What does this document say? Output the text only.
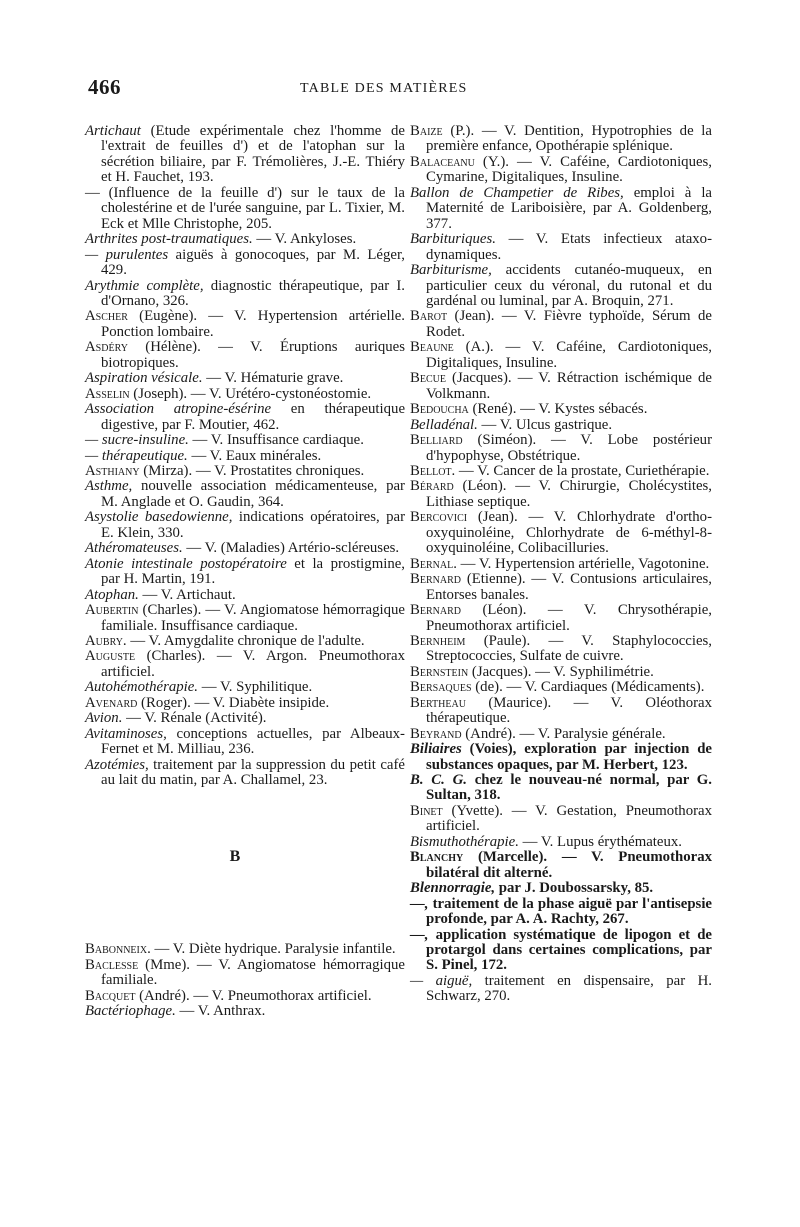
466	TABLE DES MATIÈRES

Artichaut (Etude expérimentale chez l'homme de l'extrait de feuilles d') et de l'atophan sur la sécrétion biliaire, par F. Trémolières, J.-E. Thiéry et H. Fauchet, 193.

— (Influence de la feuille d') sur le taux de la cholestérine et de l'urée sanguine, par L. Tixier, M. Eck et Mlle Christophe, 205.

Arthrites post-traumatiques. — V. Ankyloses.

— purulentes aiguës à gonocoques, par M. Léger, 429.

Arythmie complète, diagnostic thérapeutique, par I. d'Ornano, 326.

Ascher (Eugène). — V. Hypertension artérielle. Ponction lombaire.

Asdéry (Hélène). — V. Éruptions auriques biotropiques.

Aspiration vésicale. — V. Hématurie grave.

Asselin (Joseph). — V. Urétéro-cystonéostomie.

Association atropine-ésérine en thérapeutique digestive, par F. Moutier, 462.

— sucre-insuline. — V. Insuffisance cardiaque.

— thérapeutique. — V. Eaux minérales.

Asthiany (Mirza). — V. Prostatites chroniques.

Asthme, nouvelle association médicamenteuse, par M. Anglade et O. Gaudin, 364.

Asystolie basedowienne, indications opératoires, par E. Klein, 330.

Athéromateuses. — V. (Maladies) Artério-scléreuses.

Atonie intestinale postopératoire et la prostigmine, par H. Martin, 191.

Atophan. — V. Artichaut.

Aubertin (Charles). — V. Angiomatose hémorragique familiale. Insuffisance cardiaque.

Aubry. — V. Amygdalite chronique de l'adulte.

Auguste (Charles). — V. Argon. Pneumothorax artificiel.

Autohémothérapie. — V. Syphilitique.

Avenard (Roger). — V. Diabète insipide.

Avion. — V. Rénale (Activité).

Avitaminoses, conceptions actuelles, par Albeaux-Fernet et M. Milliau, 236.

Azotémies, traitement par la suppression du petit café au lait du matin, par A. Challamel, 23.

B

Babonneix. — V. Diète hydrique. Paralysie infantile.

Baclesse (Mme). — V. Angiomatose hémorragique familiale.

Bacquet (André). — V. Pneumothorax artificiel.

Bactériophage. — V. Anthrax.

Baize (P.). — V. Dentition, Hypotrophies de la première enfance, Opothérapie splénique.

Balaceanu (Y.). — V. Caféine, Cardiotoniques, Cymarine, Digitaliques, Insuline.

Ballon de Champetier de Ribes, emploi à la Maternité de Lariboisière, par A. Goldenberg, 377.

Barbituriques. — V. Etats infectieux ataxo-dynamiques.

Barbiturisme, accidents cutanéo-muqueux, en particulier ceux du véronal, du rutonal et du gardénal ou luminal, par A. Broquin, 271.

Barot (Jean). — V. Fièvre typhoïde, Sérum de Rodet.

Beaune (A.). — V. Caféine, Cardiotoniques, Digitaliques, Insuline.

Becue (Jacques). — V. Rétraction ischémique de Volkmann.

Bedoucha (René). — V. Kystes sébacés.

Belladénal. — V. Ulcus gastrique.

Belliard (Siméon). — V. Lobe postérieur d'hypophyse, Obstétrique.

Bellot. — V. Cancer de la prostate, Curiethérapie.

Bérard (Léon). — V. Chirurgie, Cholécystites, Lithiase septique.

Bercovici (Jean). — V. Chlorhydrate d'ortho-oxyquinoléine, Chlorhydrate de 6-méthyl-8-oxyquinoléine, Colibacilluries.

Bernal. — V. Hypertension artérielle, Vagotonine.

Bernard (Etienne). — V. Contusions articulaires, Entorses banales.

Bernard (Léon). — V. Chrysothérapie, Pneumothorax artificiel.

Bernheim (Paule). — V. Staphylococcies, Streptococcies, Sulfate de cuivre.

Bernstein (Jacques). — V. Syphilimétrie.

Bersaques (de). — V. Cardiaques (Médicaments).

Bertheau (Maurice). — V. Oléothorax thérapeutique.

Beyrand (André). — V. Paralysie générale.

Biliaires (Voies), exploration par injection de substances opaques, par M. Herbert, 123.

B. C. G. chez le nouveau-né normal, par G. Sultan, 318.

Binet (Yvette). — V. Gestation, Pneumothorax artificiel.

Bismuthothérapie. — V. Lupus érythémateux.

Blanchy (Marcelle). — V. Pneumothorax bilatéral dit alterné.

Blennorragie, par J. Doubossarsky, 85.

—, traitement de la phase aiguë par l'antisepsie profonde, par A. A. Rachty, 267.

—, application systématique de lipogon et de protargol dans certaines complications, par S. Pinel, 172.

— aiguë, traitement en dispensaire, par H. Schwarz, 270.
